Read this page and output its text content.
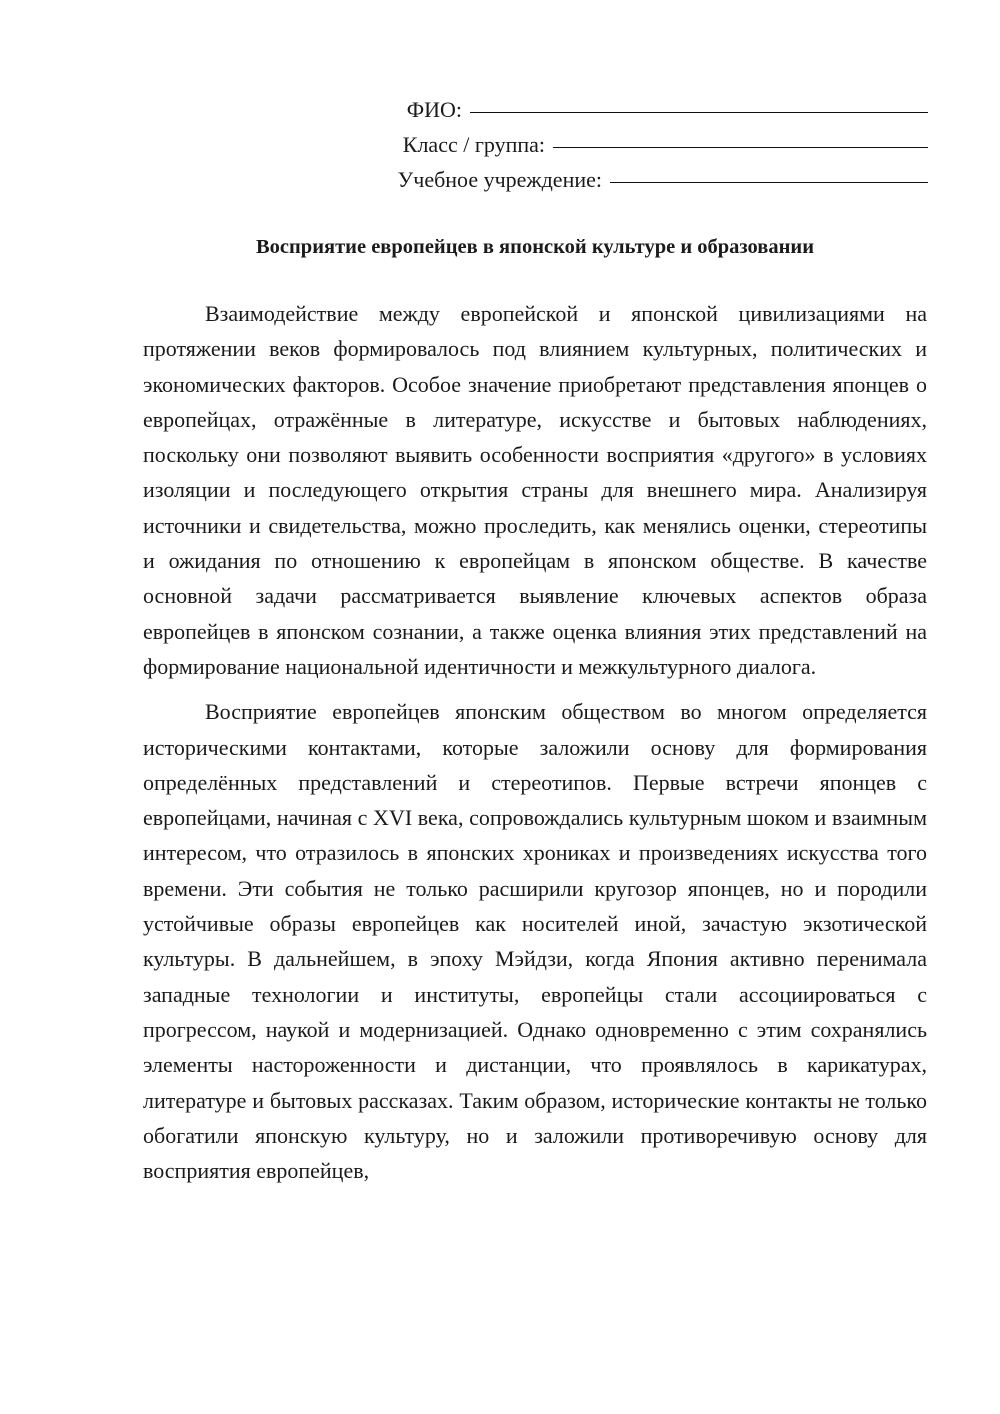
ФИО:
Класс / группа:
Учебное учреждение:
Восприятие европейцев в японской культуре и образовании

Взаимодействие между европейской и японской цивилизациями на протяжении веков формировалось под влиянием культурных, политических и экономических факторов. Особое значение приобретают представления японцев о европейцах, отражённые в литературе, искусстве и бытовых наблюдениях, поскольку они позволяют выявить особенности восприятия «другого» в условиях изоляции и последующего открытия страны для внешнего мира. Анализируя источники и свидетельства, можно проследить, как менялись оценки, стереотипы и ожидания по отношению к европейцам в японском обществе. В качестве основной задачи рассматривается выявление ключевых аспектов образа европейцев в японском сознании, а также оценка влияния этих представлений на формирование национальной идентичности и межкультурного диалога.

Восприятие европейцев японским обществом во многом определяется историческими контактами, которые заложили основу для формирования определённых представлений и стереотипов. Первые встречи японцев с европейцами, начиная с XVI века, сопровождались культурным шоком и взаимным интересом, что отразилось в японских хрониках и произведениях искусства того времени. Эти события не только расширили кругозор японцев, но и породили устойчивые образы европейцев как носителей иной, зачастую экзотической культуры. В дальнейшем, в эпоху Мэйдзи, когда Япония активно перенимала западные технологии и институты, европейцы стали ассоциироваться с прогрессом, наукой и модернизацией. Однако одновременно с этим сохранялись элементы настороженности и дистанции, что проявлялось в карикатурах, литературе и бытовых рассказах. Таким образом, исторические контакты не только обогатили японскую культуру, но и заложили противоречивую основу для восприятия европейцев,
